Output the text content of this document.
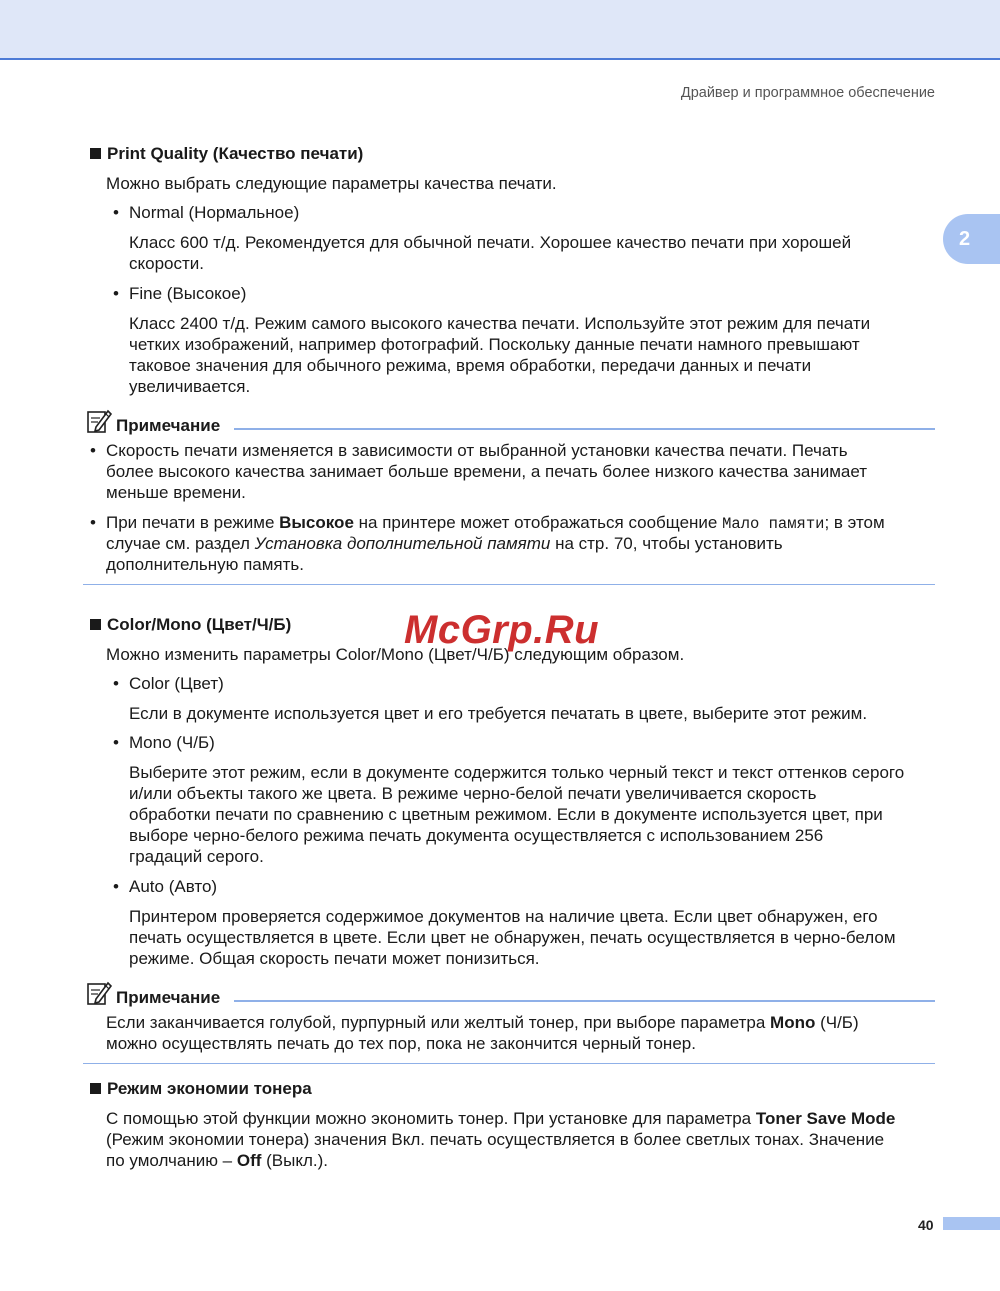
Драйвер и программное обеспечение
2
Print Quality (Качество печати)
Можно выбрать следующие параметры качества печати.
• Normal (Нормальное)
Класс 600 т/д. Рекомендуется для обычной печати. Хорошее качество печати при хорошей
скорости.
• Fine (Высокое)
Класс 2400 т/д. Режим самого высокого качества печати. Используйте этот режим для печати
четких изображений, например фотографий. Поскольку данные печати намного превышают
таковое значения для обычного режима, время обработки, передачи данных и печати
увеличивается.
Примечание
• Скорость печати изменяется в зависимости от выбранной установки качества печати. Печать
более высокого качества занимает больше времени, а печать более низкого качества занимает
меньше времени.
• При печати в режиме Высокое на принтере может отображаться сообщение Мало памяти; в этом
случае см. раздел Установка дополнительной памяти на стр. 70, чтобы установить
дополнительную память.
Color/Mono (Цвет/Ч/Б)
Можно изменить параметры Color/Mono (Цвет/Ч/Б) следующим образом.
• Color (Цвет)
Если в документе используется цвет и его требуется печатать в цвете, выберите этот режим.
• Mono (Ч/Б)
Выберите этот режим, если в документе содержится только черный текст и текст оттенков серого
и/или объекты такого же цвета. В режиме черно-белой печати увеличивается скорость
обработки печати по сравнению с цветным режимом. Если в документе используется цвет, при
выборе черно-белого режима печать документа осуществляется с использованием 256
градаций серого.
• Auto (Авто)
Принтером проверяется содержимое документов на наличие цвета. Если цвет обнаружен, его
печать осуществляется в цвете. Если цвет не обнаружен, печать осуществляется в черно-белом
режиме. Общая скорость печати может понизиться.
Примечание
Если заканчивается голубой, пурпурный или желтый тонер, при выборе параметра Mono (Ч/Б)
можно осуществлять печать до тех пор, пока не закончится черный тонер.
Режим экономии тонера
С помощью этой функции можно экономить тонер. При установке для параметра Toner Save Mode
(Режим экономии тонера) значения Вкл. печать осуществляется в более светлых тонах. Значение
по умолчанию – Off (Выкл.).
40
McGrp.Ru
